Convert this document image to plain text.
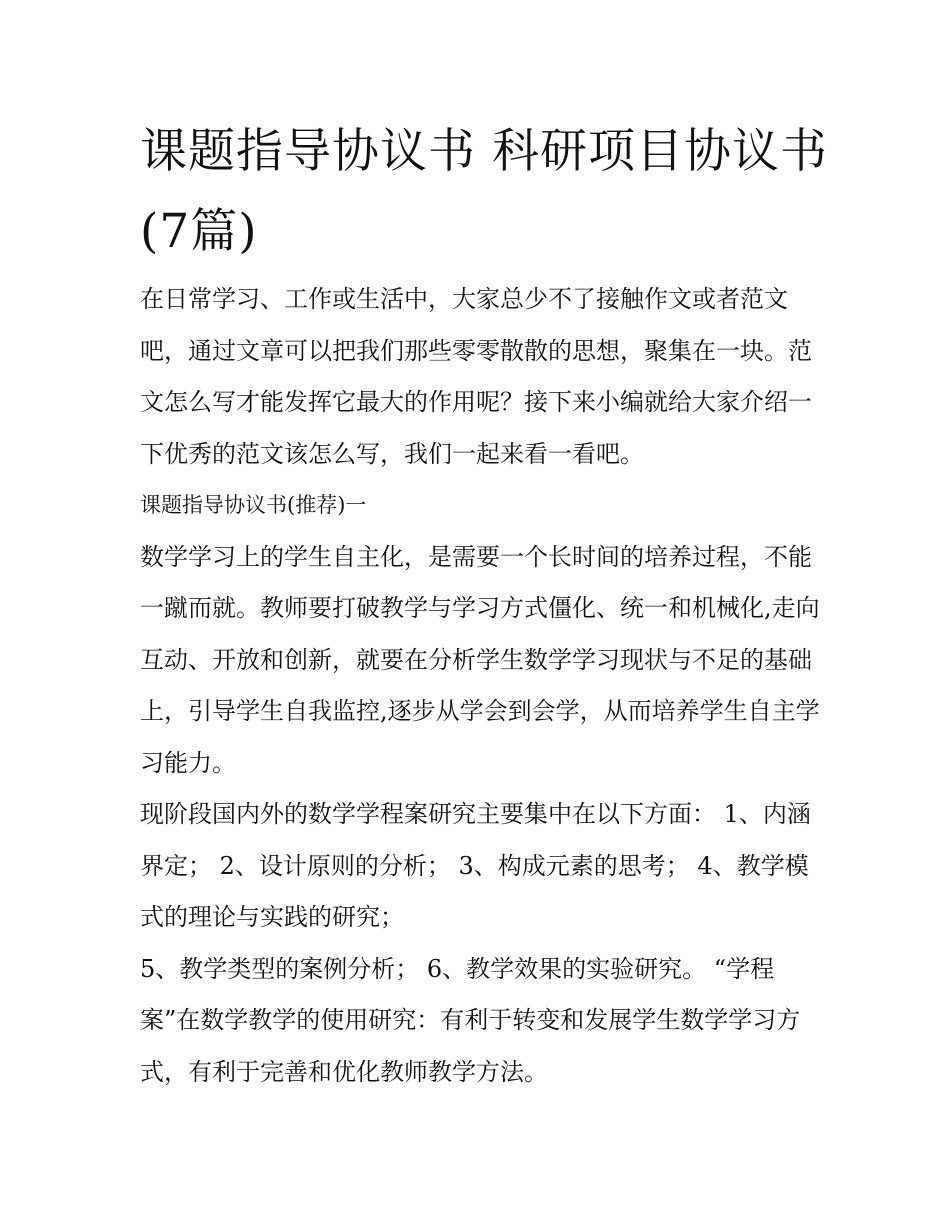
课题指导协议书 科研项目协议书(7篇)

在日常学习、工作或生活中，大家总少不了接触作文或者范文吧，通过文章可以把我们那些零零散散的思想，聚集在一块。范文怎么写才能发挥它最大的作用呢？接下来小编就给大家介绍一下优秀的范文该怎么写，我们一起来看一看吧。

课题指导协议书(推荐)一

数学学习上的学生自主化，是需要一个长时间的培养过程，不能一蹴而就。教师要打破教学与学习方式僵化、统一和机械化,走向互动、开放和创新，就要在分析学生数学学习现状与不足的基础上，引导学生自我监控,逐步从学会到会学，从而培养学生自主学习能力。

现阶段国内外的数学学程案研究主要集中在以下方面： 1、内涵界定； 2、设计原则的分析； 3、构成元素的思考； 4、教学模式的理论与实践的研究；

5、教学类型的案例分析； 6、教学效果的实验研究。 “学程案”在数学教学的使用研究：有利于转变和发展学生数学学习方式，有利于完善和优化教师教学方法。
